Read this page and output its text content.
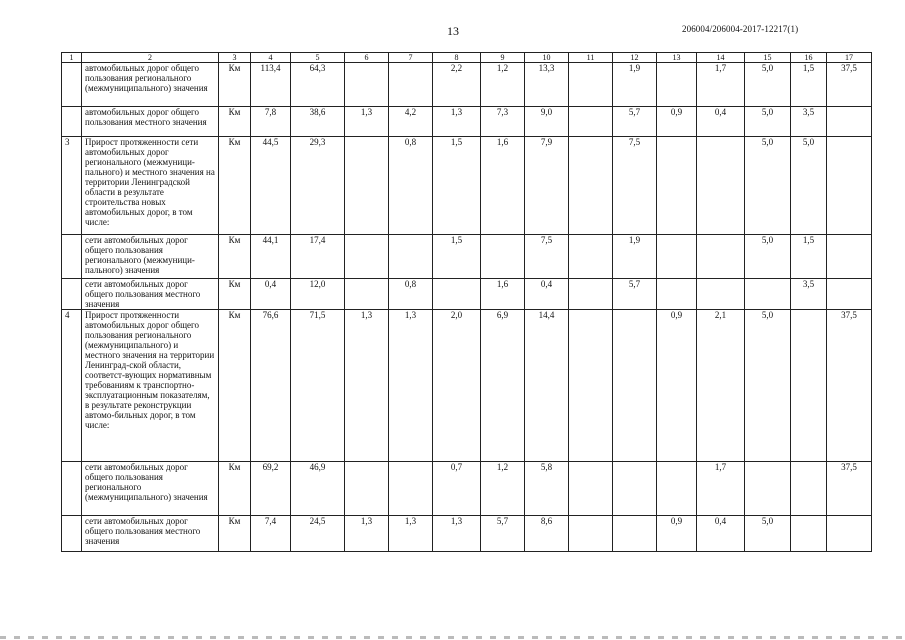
13	206004/206004-2017-12217(1)
1	2	3	4	5	6	7	8	9	10	11	12	13	14	15	16	17
	автомобильных дорог общего пользования регионального (межмуниципального) значения	Км	113,4	64,3			2,2	1,2	13,3		1,9		1,7	5,0	1,5	37,5
	автомобильных дорог общего пользования местного значения	Км	7,8	38,6	1,3	4,2	1,3	7,3	9,0		5,7	0,9	0,4	5,0	3,5	
3	Прирост протяженности сети автомобильных дорог регионального (межмуници-пального) и местного значения на территории Ленинградской области в результате строительства новых автомобильных дорог, в том числе:	Км	44,5	29,3		0,8	1,5	1,6	7,9		7,5			5,0	5,0	
	сети автомобильных дорог общего пользования регионального (межмуници-пального) значения	Км	44,1	17,4			1,5		7,5		1,9			5,0	1,5	
	сети автомобильных дорог общего пользования местного значения	Км	0,4	12,0		0,8		1,6	0,4		5,7				3,5	
4	Прирост протяженности автомобильных дорог общего пользования регионального (межмуниципального) и местного значения на территории Ленинград-ской области, соответст-вующих нормативным требованиям к транспортно-эксплуатационным показателям, в результате реконструкции автомо-бильных дорог, в том числе:	Км	76,6	71,5	1,3	1,3	2,0	6,9	14,4			0,9	2,1	5,0		37,5
	сети автомобильных дорог общего пользования регионального (межмуниципального) значения	Км	69,2	46,9			0,7	1,2	5,8				1,7			37,5
	сети автомобильных дорог общего пользования местного значения	Км	7,4	24,5	1,3	1,3	1,3	5,7	8,6			0,9	0,4	5,0		
